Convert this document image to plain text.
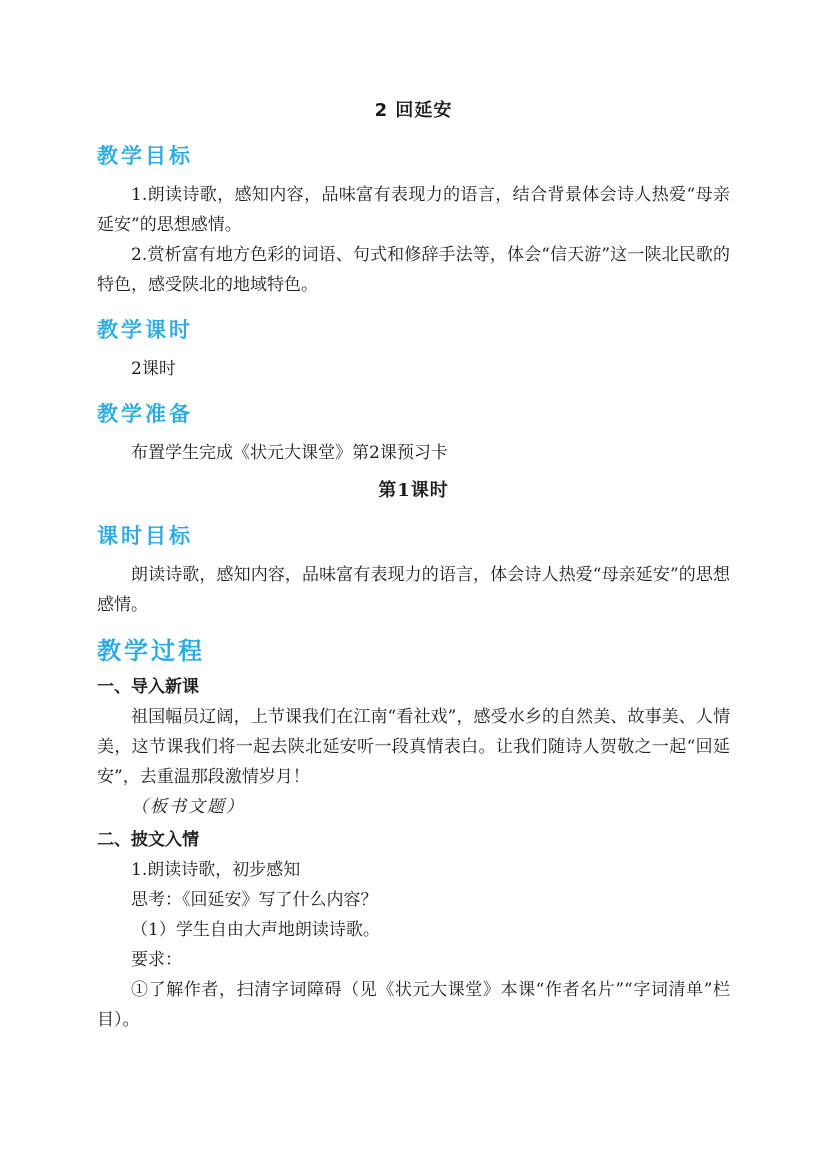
2 回延安
教学目标

1.朗读诗歌，感知内容，品味富有表现力的语言，结合背景体会诗人热爱“母亲延安”的思想感情。

2.赏析富有地方色彩的词语、句式和修辞手法等，体会“信天游”这一陕北民歌的特色，感受陕北的地域特色。

教学课时

2课时

教学准备

布置学生完成《状元大课堂》第2课预习卡

第1课时
课时目标

朗读诗歌，感知内容，品味富有表现力的语言，体会诗人热爱“母亲延安”的思想感情。

教学过程
一、导入新课

祖国幅员辽阔，上节课我们在江南“看社戏”，感受水乡的自然美、故事美、人情美，这节课我们将一起去陕北延安听一段真情表白。让我们随诗人贺敬之一起“回延安”，去重温那段激情岁月！

（板书文题）

二、披文入情

1.朗读诗歌，初步感知

思考：《回延安》写了什么内容？

（1）学生自由大声地朗读诗歌。

要求：

①了解作者，扫清字词障碍（见《状元大课堂》本课“作者名片”“字词清单”栏目）。
